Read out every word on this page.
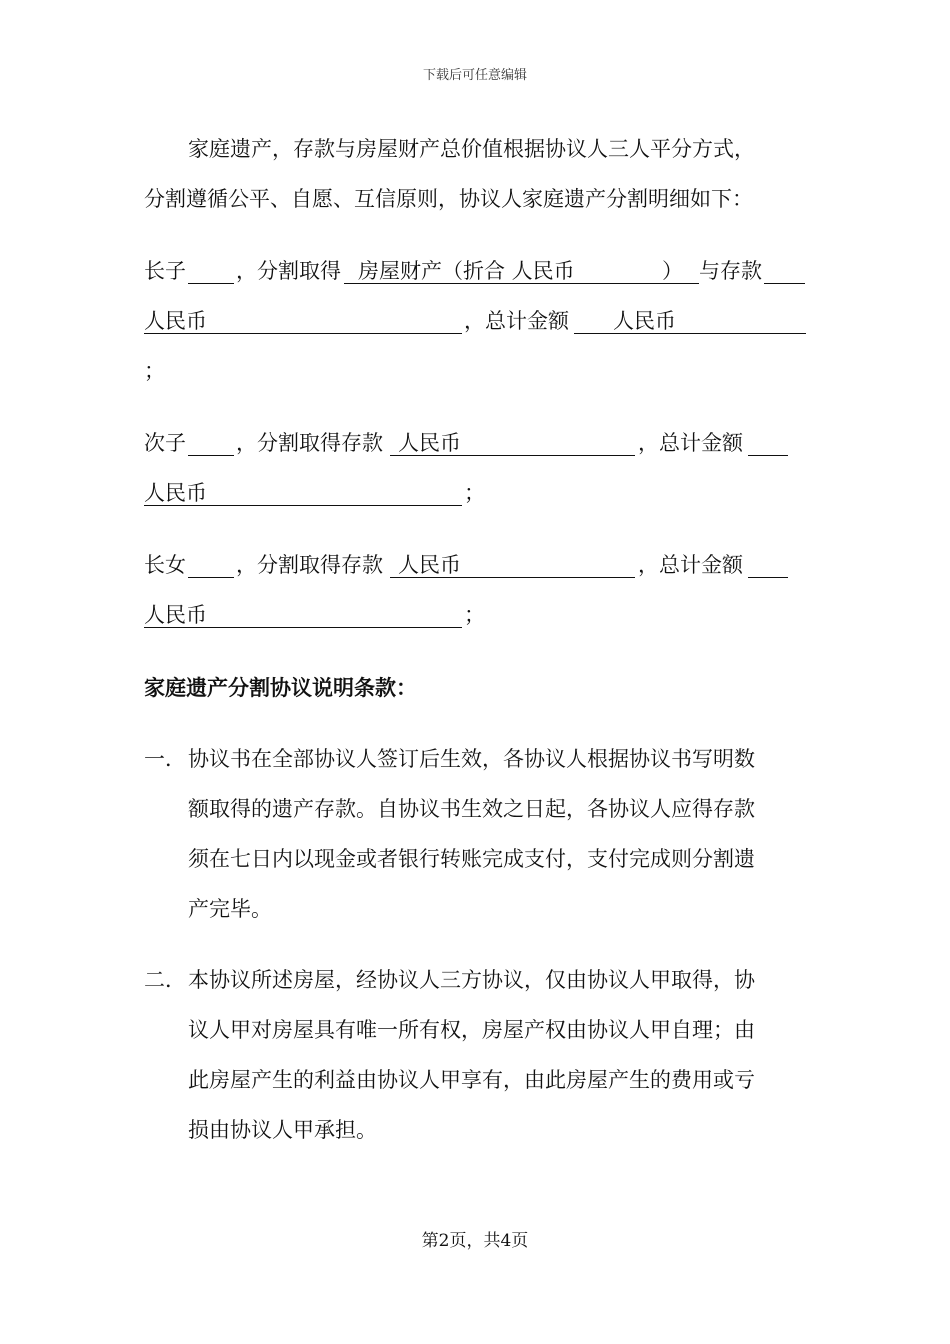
下载后可任意编辑
家庭遗产，存款与房屋财产总价值根据协议人三人平分方式，
分割遵循公平、自愿、互信原则，协议人家庭遗产分割明细如下：
长子 ， 分割取得 房屋财产（折合 人民币	） 与存款
人民币	， 总计金额 人民币
；
次子 ， 分割取得存款 人民币	， 总计金额
人民币	；
长女 ， 分割取得存款 人民币	， 总计金额
人民币	；
家庭遗产分割协议说明条款：
一． 协议书在全部协议人签订后生效，各协议人根据协议书写明数
额取得的遗产存款。自协议书生效之日起，各协议人应得存款
须在七日内以现金或者银行转账完成支付，支付完成则分割遗
产完毕。
二． 本协议所述房屋，经协议人三方协议，仅由协议人甲取得，协
议人甲对房屋具有唯一所有权，房屋产权由协议人甲自理；由
此房屋产生的利益由协议人甲享有，由此房屋产生的费用或亏
损由协议人甲承担。
第2页，共4页
